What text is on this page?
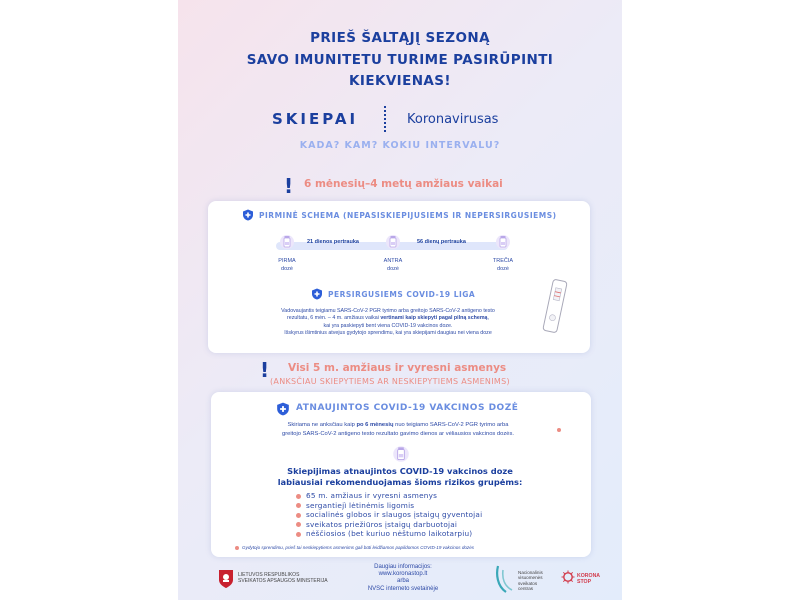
PRIEŠ ŠALTĄJĮ SEZONĄ
SAVO IMUNITETU TURIME PASIRŪPINTI
KIEKVIENAS!
SKIEPAI	Koronavirusas
KADA? KAM? KOKIU INTERVALU?
! 6 mėnesių–4 metų amžiaus vaikai
PIRMINĖ SCHEMA (NEPASISKIEPIJUSIEMS IR NEPERSIRGUSIEMS)
21 dienos pertrauka	56 dienų pertrauka
PIRMA
dozė
ANTRA
dozė
TREČIA
dozė
PERSIRGUSIEMS COVID-19 LIGA
Vadovaujantis teigiamu SARS-CoV-2 PGR tyrimo arba greitojo SARS-CoV-2 antigeno testo
rezultatu, 6 mėn. – 4 m. amžiaus vaikai vertinami kaip skiepyti pagal pilną schemą,
kai yra paskiepyti bent viena COVID-19 vakcinos doze.
Išskyrus išimtinius atvejus gydytojo sprendimu, kai yra skiepijami daugiau nei viena doze
! Visi 5 m. amžiaus ir vyresni asmenys
(ANKSČIAU SKIEPYTIEMS AR NESKIEPYTIEMS ASMENIMS)
ATNAUJINTOS COVID-19 VAKCINOS DOZĖ
Skiriama ne anksčiau kaip po 6 mėnesių nuo teigiamo SARS-CoV-2 PGR tyrimo arba
greitojo SARS-CoV-2 antigeno testo rezultato gavimo dienos ar vėliausios vakcinos dozės.
Skiepijimas atnaujintos COVID-19 vakcinos doze
labiausiai rekomenduojamas šioms rizikos grupėms:
65 m. amžiaus ir vyresni asmenys
sergantiejì lėtinėmis ligomis
socialinės globos ir slaugos įstaigų gyventojai
sveikatos priežiūros įstaigų darbuotojai
nėščiosios (bet kuriuo nėštumo laikotarpiu)
Gydytojo sprendimu, prieš tai neskiepytiems asmenims gali būti leidžiamos papildomos COVID-19 vakcinos dozės
LIETUVOS RESPUBLIKOS
SVEIKATOS APSAUGOS MINISTERIJA
Daugiau informacijos:
www.koronastop.lt
arba
NVSC interneto svetainėje
Nacionalinis
visuomenės
sveikatos
centras
KORONA
STOP
